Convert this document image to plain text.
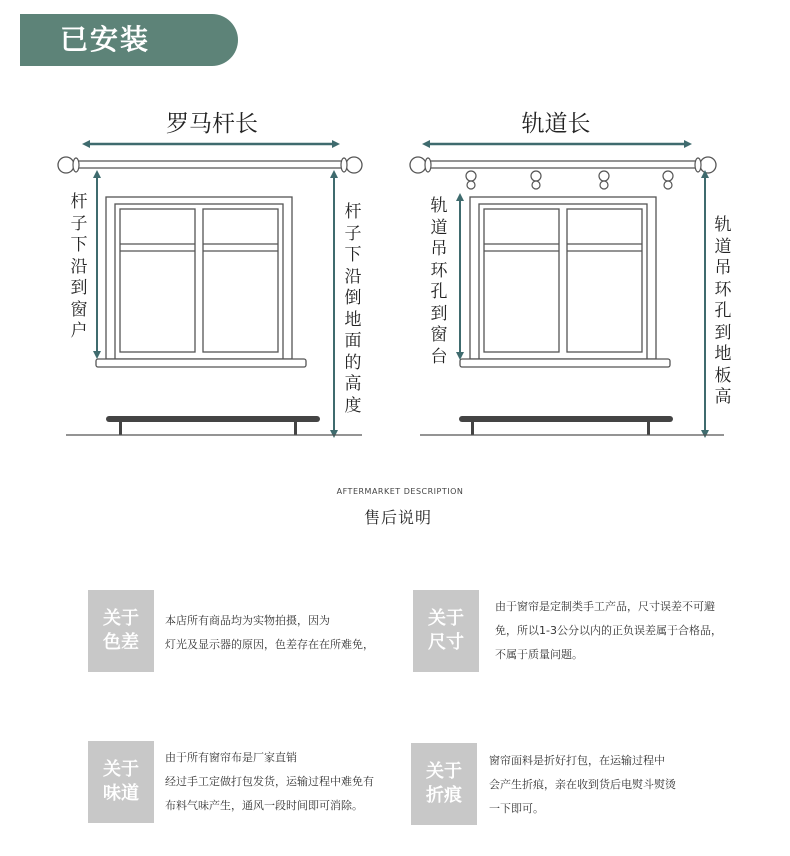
已安装
罗马杆长	轨道长
杆子下沿到窗户
杆子下沿倒地面的高度
轨道吊环孔到窗台
轨道吊环孔到地板高
AFTERMARKET DESCRIPTION
售后说明
关于
色差
本店所有商品均为实物拍摄，因为
灯光及显示器的原因，色差存在在所难免，
关于
尺寸
由于窗帘是定制类手工产品，尺寸误差不可避
免，所以1-3公分以内的正负误差属于合格品，
不属于质量问题。
关于
味道
由于所有窗帘布是厂家直销
经过手工定做打包发货，运输过程中难免有
布料气味产生，通风一段时间即可消除。
关于
折痕
窗帘面料是折好打包，在运输过程中
会产生折痕，亲在收到货后电熨斗熨烫
一下即可。
